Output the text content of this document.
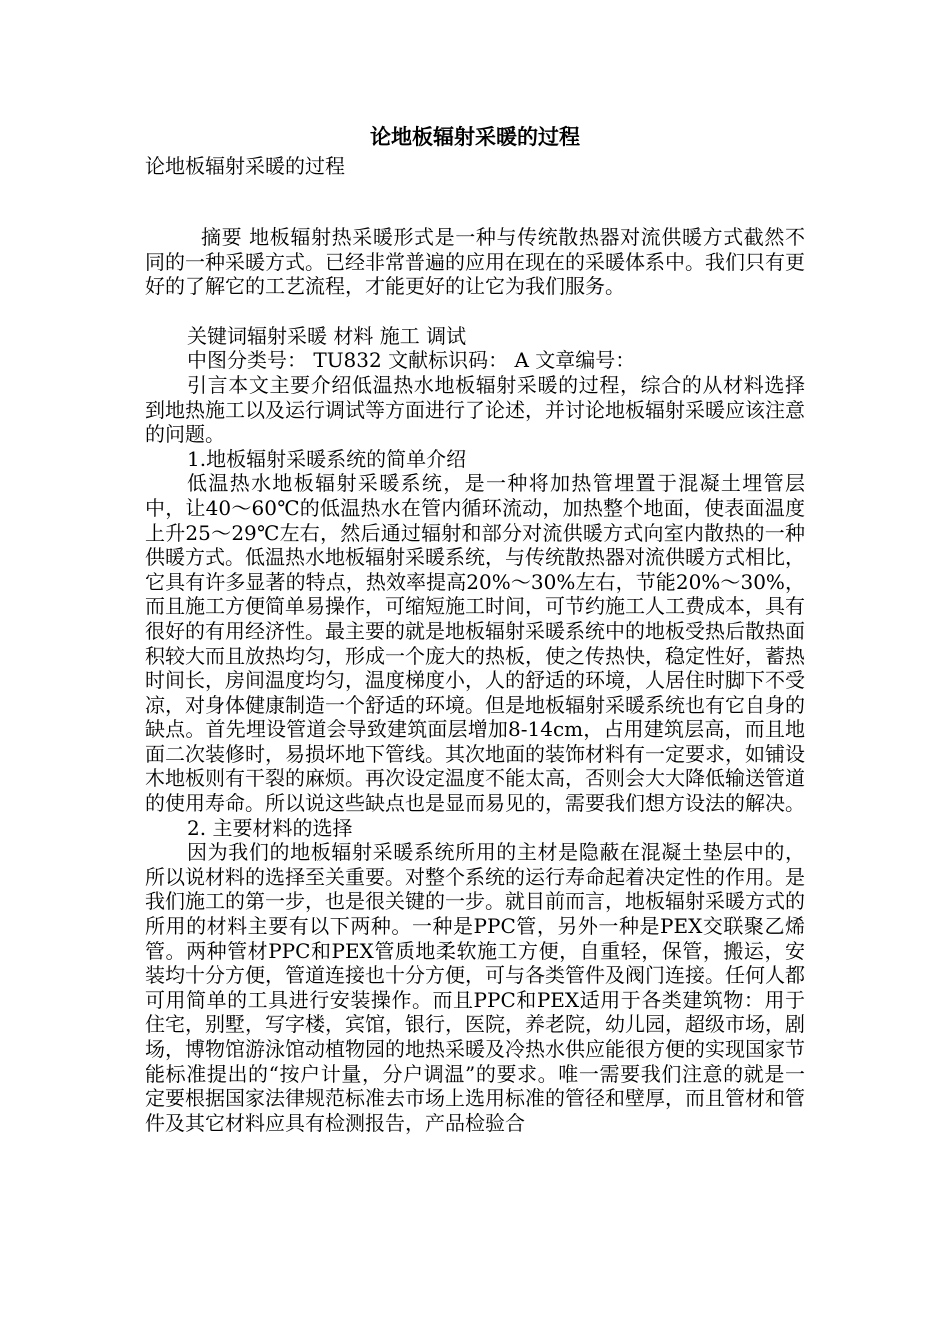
论地板辐射采暖的过程

论地板辐射采暖的过程

摘要 地板辐射热采暖形式是一种与传统散热器对流供暖方式截然不同的一种采暖方式。已经非常普遍的应用在现在的采暖体系中。我们只有更好的了解它的工艺流程，才能更好的让它为我们服务。

关键词辐射采暖 材料 施工 调试

中图分类号： TU832 文献标识码： A 文章编号：

引言本文主要介绍低温热水地板辐射采暖的过程，综合的从材料选择到地热施工以及运行调试等方面进行了论述，并讨论地板辐射采暖应该注意的问题。

1.地板辐射采暖系统的简单介绍

低温热水地板辐射采暖系统，是一种将加热管埋置于混凝土埋管层中，让40～60℃的低温热水在管内循环流动，加热整个地面，使表面温度上升25～29℃左右，然后通过辐射和部分对流供暖方式向室内散热的一种供暖方式。低温热水地板辐射采暖系统，与传统散热器对流供暖方式相比，它具有许多显著的特点，热效率提高20%～30%左右，节能20%～30%，而且施工方便简单易操作，可缩短施工时间，可节约施工人工费成本，具有很好的有用经济性。最主要的就是地板辐射采暖系统中的地板受热后散热面积较大而且放热均匀，形成一个庞大的热板，使之传热快，稳定性好，蓄热时间长，房间温度均匀，温度梯度小，人的舒适的环境，人居住时脚下不受凉，对身体健康制造一个舒适的环境。但是地板辐射采暖系统也有它自身的缺点。首先埋设管道会导致建筑面层增加8-14cm，占用建筑层高，而且地面二次装修时，易损坏地下管线。其次地面的装饰材料有一定要求，如铺设木地板则有干裂的麻烦。再次设定温度不能太高，否则会大大降低输送管道的使用寿命。所以说这些缺点也是显而易见的，需要我们想方设法的解决。

2. 主要材料的选择

因为我们的地板辐射采暖系统所用的主材是隐蔽在混凝土垫层中的，所以说材料的选择至关重要。对整个系统的运行寿命起着决定性的作用。是我们施工的第一步，也是很关键的一步。就目前而言，地板辐射采暖方式的所用的材料主要有以下两种。一种是PPC管，另外一种是PEX交联聚乙烯管。两种管材PPC和PEX管质地柔软施工方便，自重轻，保管，搬运，安装均十分方便，管道连接也十分方便，可与各类管件及阀门连接。任何人都可用简单的工具进行安装操作。而且PPC和PEX适用于各类建筑物：用于住宅，别墅，写字楼，宾馆，银行，医院，养老院，幼儿园，超级市场，剧场，博物馆游泳馆动植物园的地热采暖及冷热水供应能很方便的实现国家节能标准提出的“按户计量，分户调温”的要求。唯一需要我们注意的就是一定要根据国家法律规范标准去市场上选用标准的管径和壁厚，而且管材和管件及其它材料应具有检测报告，产品检验合
